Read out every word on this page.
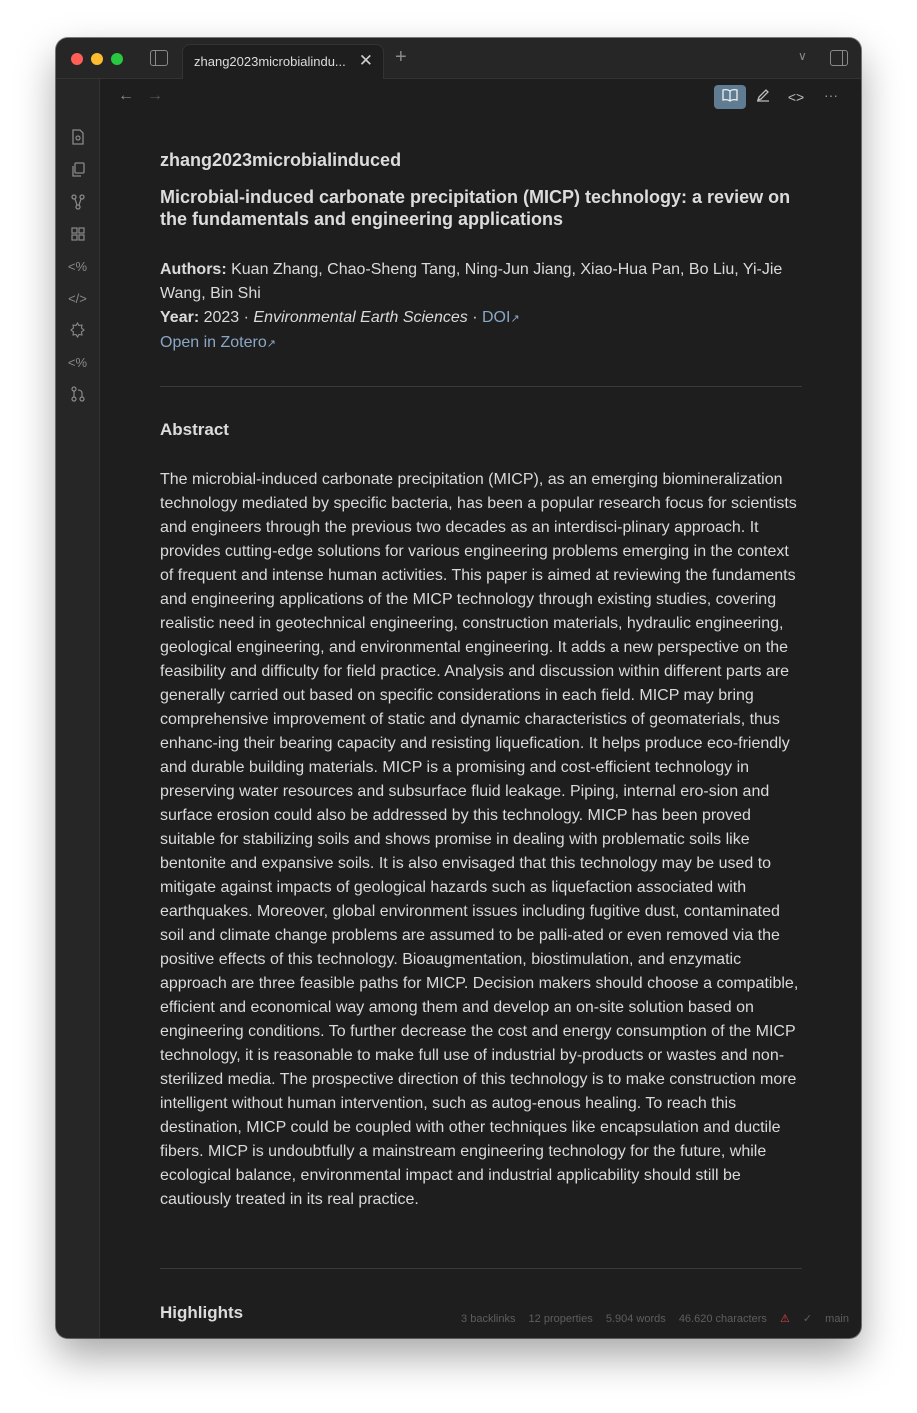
zhang2023microbialindu... ✕ +	∨
<%
</>
<%
← →	<>	···
zhang2023microbialinduced
Microbial-induced carbonate precipitation (MICP) technology: a review on the fundamentals and engineering applications
Authors: Kuan Zhang, Chao-Sheng Tang, Ning-Jun Jiang, Xiao-Hua Pan, Bo Liu, Yi-Jie Wang, Bin Shi
Year: 2023 · Environmental Earth Sciences · DOI↗
Open in Zotero↗
Abstract
The microbial-induced carbonate precipitation (MICP), as an emerging biomineralization technology mediated by specific bacteria, has been a popular research focus for scientists and engineers through the previous two decades as an interdisci-plinary approach. It provides cutting-edge solutions for various engineering problems emerging in the context of frequent and intense human activities. This paper is aimed at reviewing the fundaments and engineering applications of the MICP technology through existing studies, covering realistic need in geotechnical engineering, construction materials, hydraulic engineering, geological engineering, and environmental engineering. It adds a new perspective on the feasibility and difficulty for field practice. Analysis and discussion within different parts are generally carried out based on specific considerations in each field. MICP may bring comprehensive improvement of static and dynamic characteristics of geomaterials, thus enhanc-ing their bearing capacity and resisting liquefication. It helps produce eco-friendly and durable building materials. MICP is a promising and cost-efficient technology in preserving water resources and subsurface fluid leakage. Piping, internal ero-sion and surface erosion could also be addressed by this technology. MICP has been proved suitable for stabilizing soils and shows promise in dealing with problematic soils like bentonite and expansive soils. It is also envisaged that this technology may be used to mitigate against impacts of geological hazards such as liquefaction associated with earthquakes. Moreover, global environment issues including fugitive dust, contaminated soil and climate change problems are assumed to be palli-ated or even removed via the positive effects of this technology. Bioaugmentation, biostimulation, and enzymatic approach are three feasible paths for MICP. Decision makers should choose a compatible, efficient and economical way among them and develop an on-site solution based on engineering conditions. To further decrease the cost and energy consumption of the MICP technology, it is reasonable to make full use of industrial by-products or wastes and non-sterilized media. The prospective direction of this technology is to make construction more intelligent without human intervention, such as autog-enous healing. To reach this destination, MICP could be coupled with other techniques like encapsulation and ductile fibers. MICP is undoubtfully a mainstream engineering technology for the future, while ecological balance, environmental impact and industrial applicability should still be cautiously treated in its real practice.
Highlights	3 backlinks 12 properties 5.904 words 46.620 characters ⚠ ✓ main
